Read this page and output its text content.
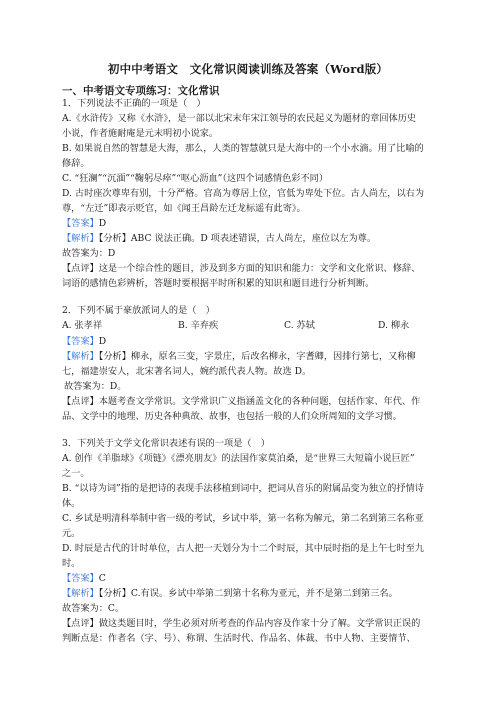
初中中考语文　文化常识阅读训练及答案（Word版）
一、中考语文专项练习：文化常识
1．下列说法不正确的一项是（　）
A.《水浒传》又称《水浒》，是一部以北宋末年宋江领导的农民起义为题材的章回体历史
小说，作者施耐庵是元末明初小说家。
B. 如果说自然的智慧是大海，那么，人类的智慧就只是大海中的一个小水滴。用了比喻的
修辞。
C. “狂澜”“沉湎”“鞠躬尽瘁”“呕心沥血”（这四个词感情色彩不同）
D. 古时座次尊卑有别，十分严格。官高为尊居上位，官低为卑处下位。古人尚左，以右为
尊，“左迁”即表示贬官，如《闻王昌龄左迁龙标遥有此寄》。
【答案】D
【解析】【分析】ABC 说法正确。D 项表述错误，古人尚左，座位以左为尊。
故答案为：D
【点评】这是一个综合性的题目，涉及到多方面的知识和能力：文学和文化常识、修辞、
词语的感情色彩辨析，答题时要根据平时所积累的知识和题目进行分析判断。
2．下列不属于豪放派词人的是（　）
A. 张孝祥	B. 辛弃疾	C. 苏轼	D. 柳永
【答案】D
【解析】【分析】柳永，原名三变，字景庄，后改名柳永，字耆卿，因排行第七，又称柳
七，福建崇安人，北宋著名词人，婉约派代表人物。故选 D。
故答案为：D。
【点评】本题考查文学常识。文学常识广义指涵盖文化的各种问题，包括作家、年代、作
品、文学中的地理、历史各种典故、故事，也包括一般的人们众所周知的文学习惯。
3．下列关于文学文化常识表述有误的一项是（　）
A. 创作《羊脂球》《项链》《漂亮朋友》的法国作家莫泊桑，是“世界三大短篇小说巨匠”
之一。
B. “以诗为词”指的是把诗的表现手法移植到词中，把词从音乐的附属品变为独立的抒情诗
体。
C. 乡试是明清科举制中省一级的考试，乡试中举，第一名称为解元，第二名到第三名称亚
元。
D. 时辰是古代的计时单位，古人把一天划分为十二个时辰，其中辰时指的是上午七时至九
时。
【答案】C
【解析】【分析】C.有误。乡试中举第二到第十名称为亚元，并不是第二到第三名。
故答案为：C。
【点评】做这类题目时，学生必须对所考查的作品内容及作家十分了解。文学常识正误的
判断点是：作者名（字、号）、称谓、生活时代、作品名、体裁、书中人物、主要情节、
